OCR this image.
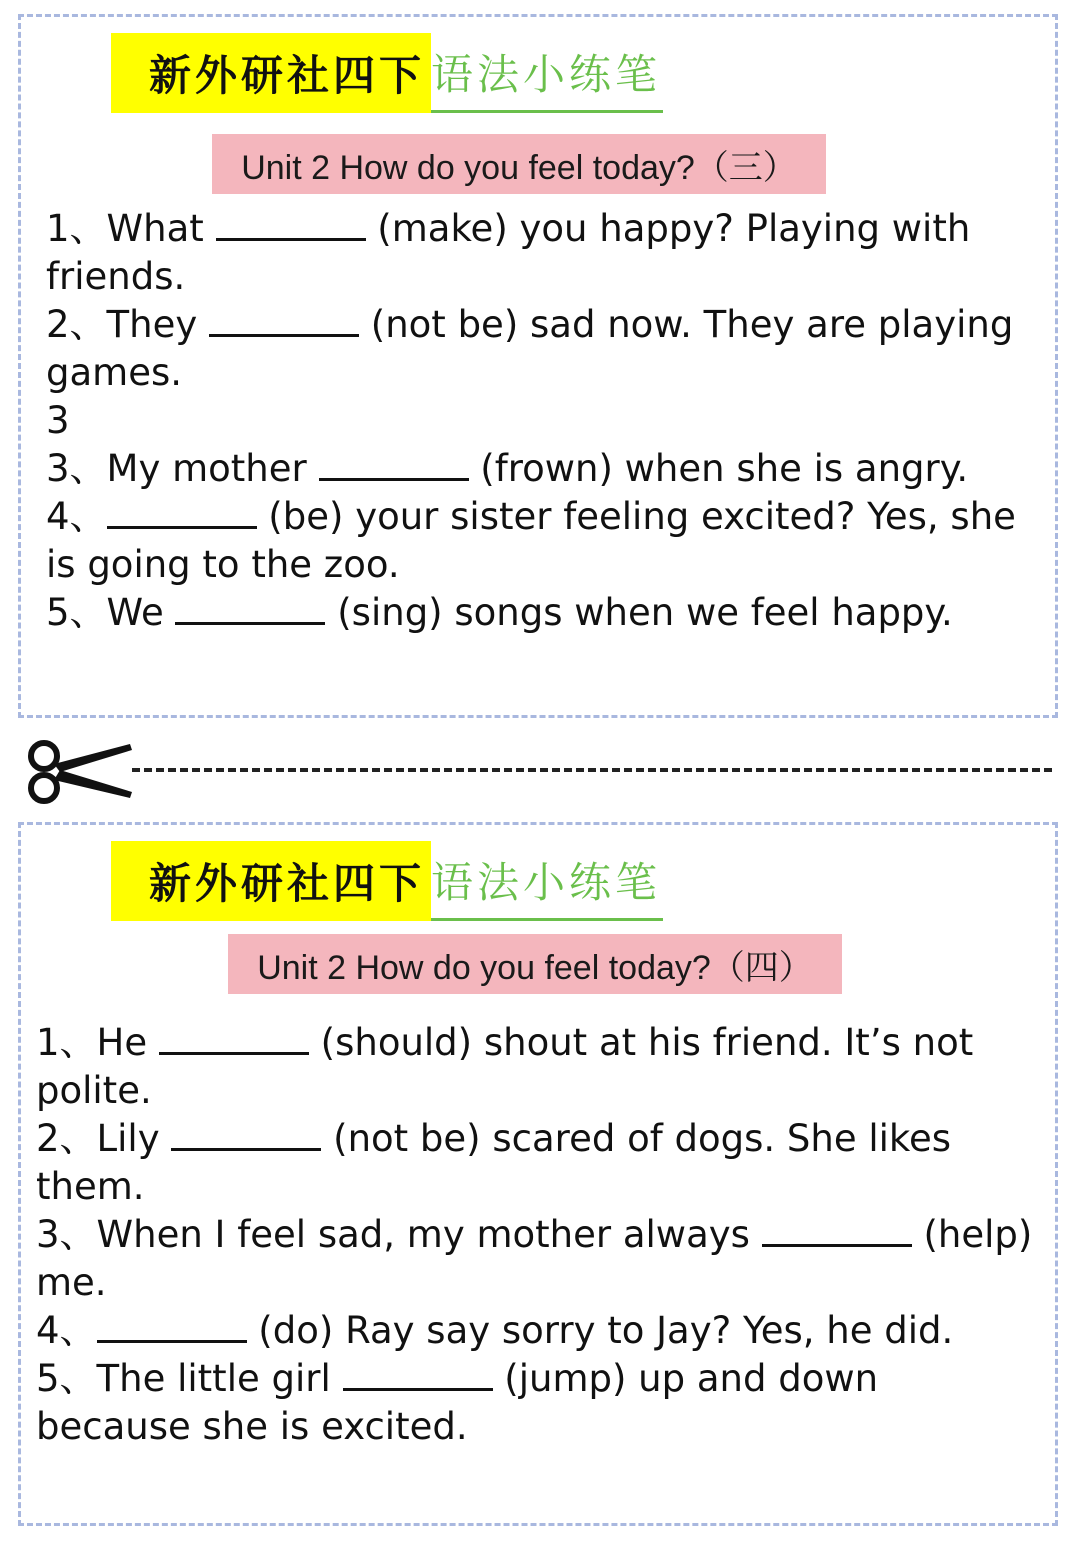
新外研社四下 语法小练笔
Unit 2 How do you feel today?（三）

1、What	(make) you happy? Playing with friends.

2、They	(not be) sad now. They are playing games.

3

3、My mother	(frown) when she is angry.

4、	(be) your sister feeling excited? Yes, she is going to the zoo.

5、We	(sing) songs when we feel happy.

新外研社四下 语法小练笔
Unit 2 How do you feel today?（四）

1、He	(should) shout at his friend. It’s not polite.

2、Lily	(not be) scared of dogs. She likes them.

3、When I feel sad, my mother always	(help) me.

4、	(do) Ray say sorry to Jay? Yes, he did.

5、The little girl	(jump) up and down because she is excited.
